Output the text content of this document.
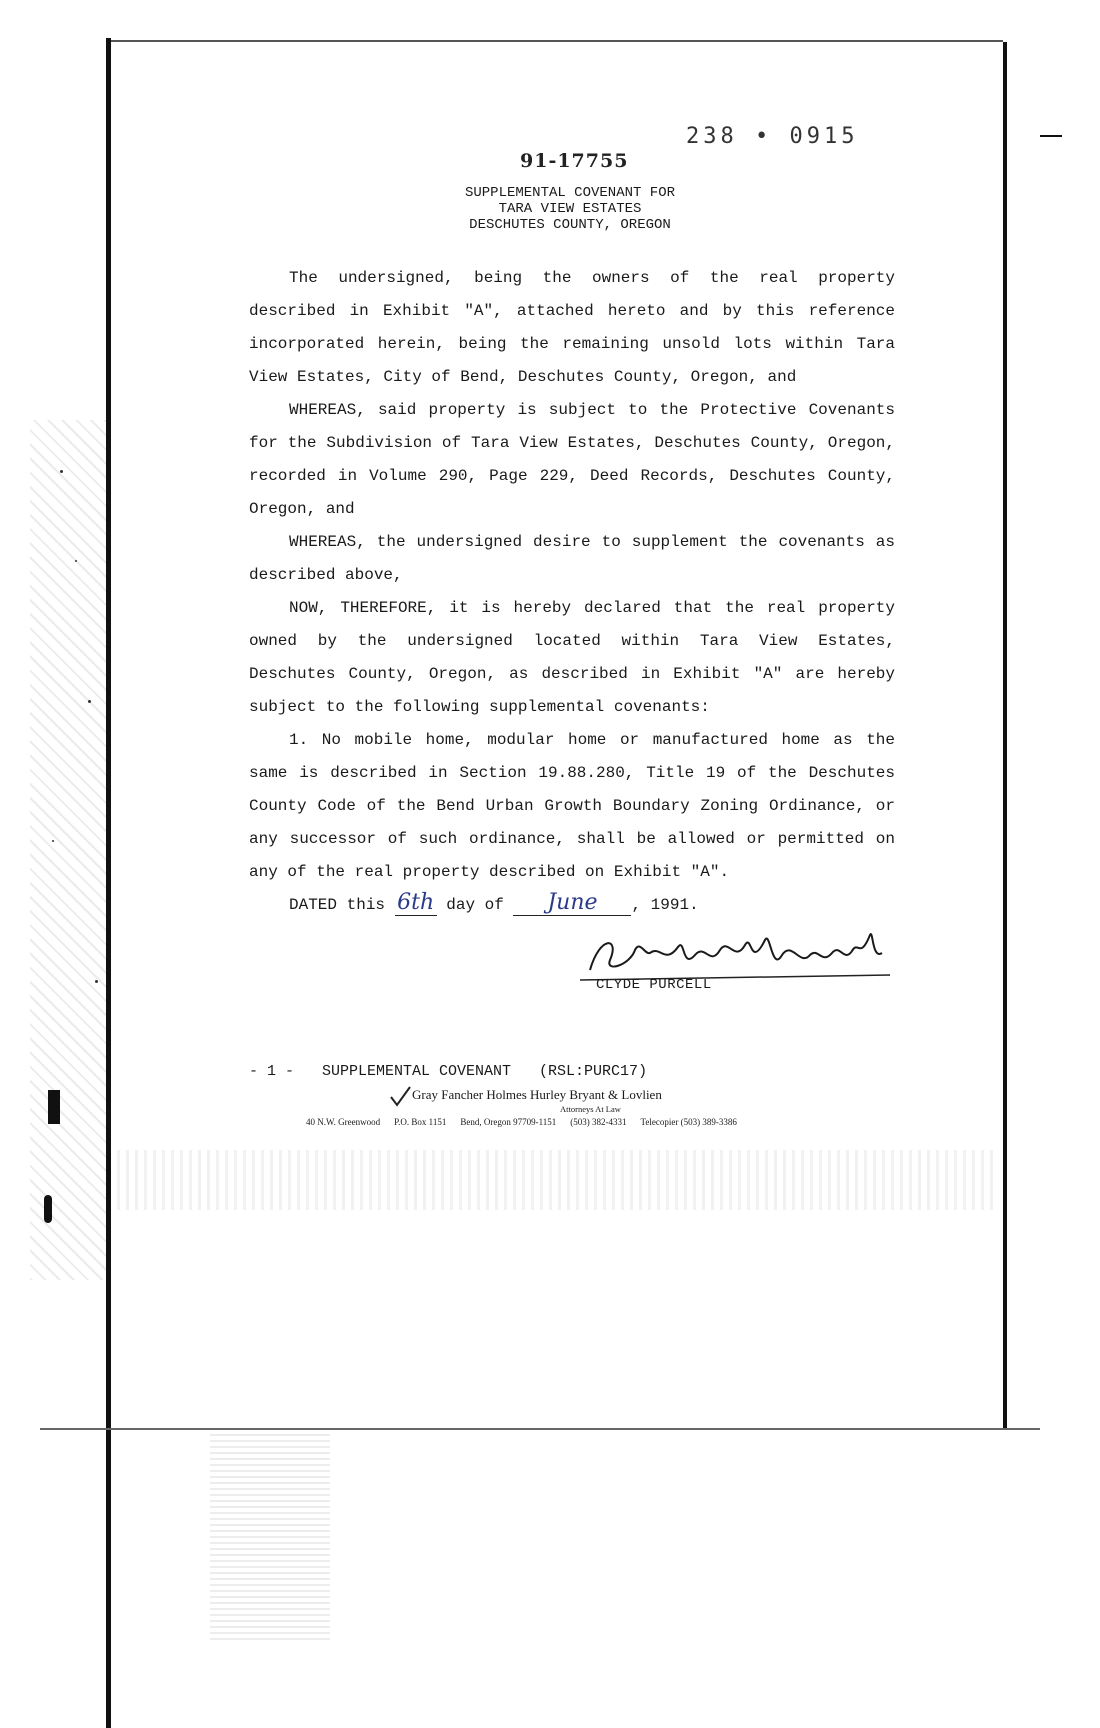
91-17755
238 • 0915
SUPPLEMENTAL COVENANT FOR
TARA VIEW ESTATES
DESCHUTES COUNTY, OREGON

The undersigned, being the owners of the real property described in Exhibit "A", attached hereto and by this reference incorporated herein, being the remaining unsold lots within Tara View Estates, City of Bend, Deschutes County, Oregon, and

WHEREAS, said property is subject to the Protective Covenants for the Subdivision of Tara View Estates, Deschutes County, Oregon, recorded in Volume 290, Page 229, Deed Records, Deschutes County, Oregon, and

WHEREAS, the undersigned desire to supplement the covenants as described above,

NOW, THEREFORE, it is hereby declared that the real property owned by the undersigned located within Tara View Estates, Deschutes County, Oregon, as described in Exhibit "A" are hereby subject to the following supplemental covenants:

1. No mobile home, modular home or manufactured home as the same is described in Section 19.88.280, Title 19 of the Deschutes County Code of the Bend Urban Growth Boundary Zoning Ordinance, or any successor of such ordinance, shall be allowed or permitted on any of the real property described on Exhibit "A".

DATED this 6th day of June , 1991.
CLYDE PURCELL
- 1 - SUPPLEMENTAL COVENANT (RSL:PURC17)
Gray Fancher Holmes Hurley Bryant & Lovlien
Attorneys At Law
40 N.W. Greenwood P.O. Box 1151 Bend, Oregon 97709-1151 (503) 382-4331 Telecopier (503) 389-3386
